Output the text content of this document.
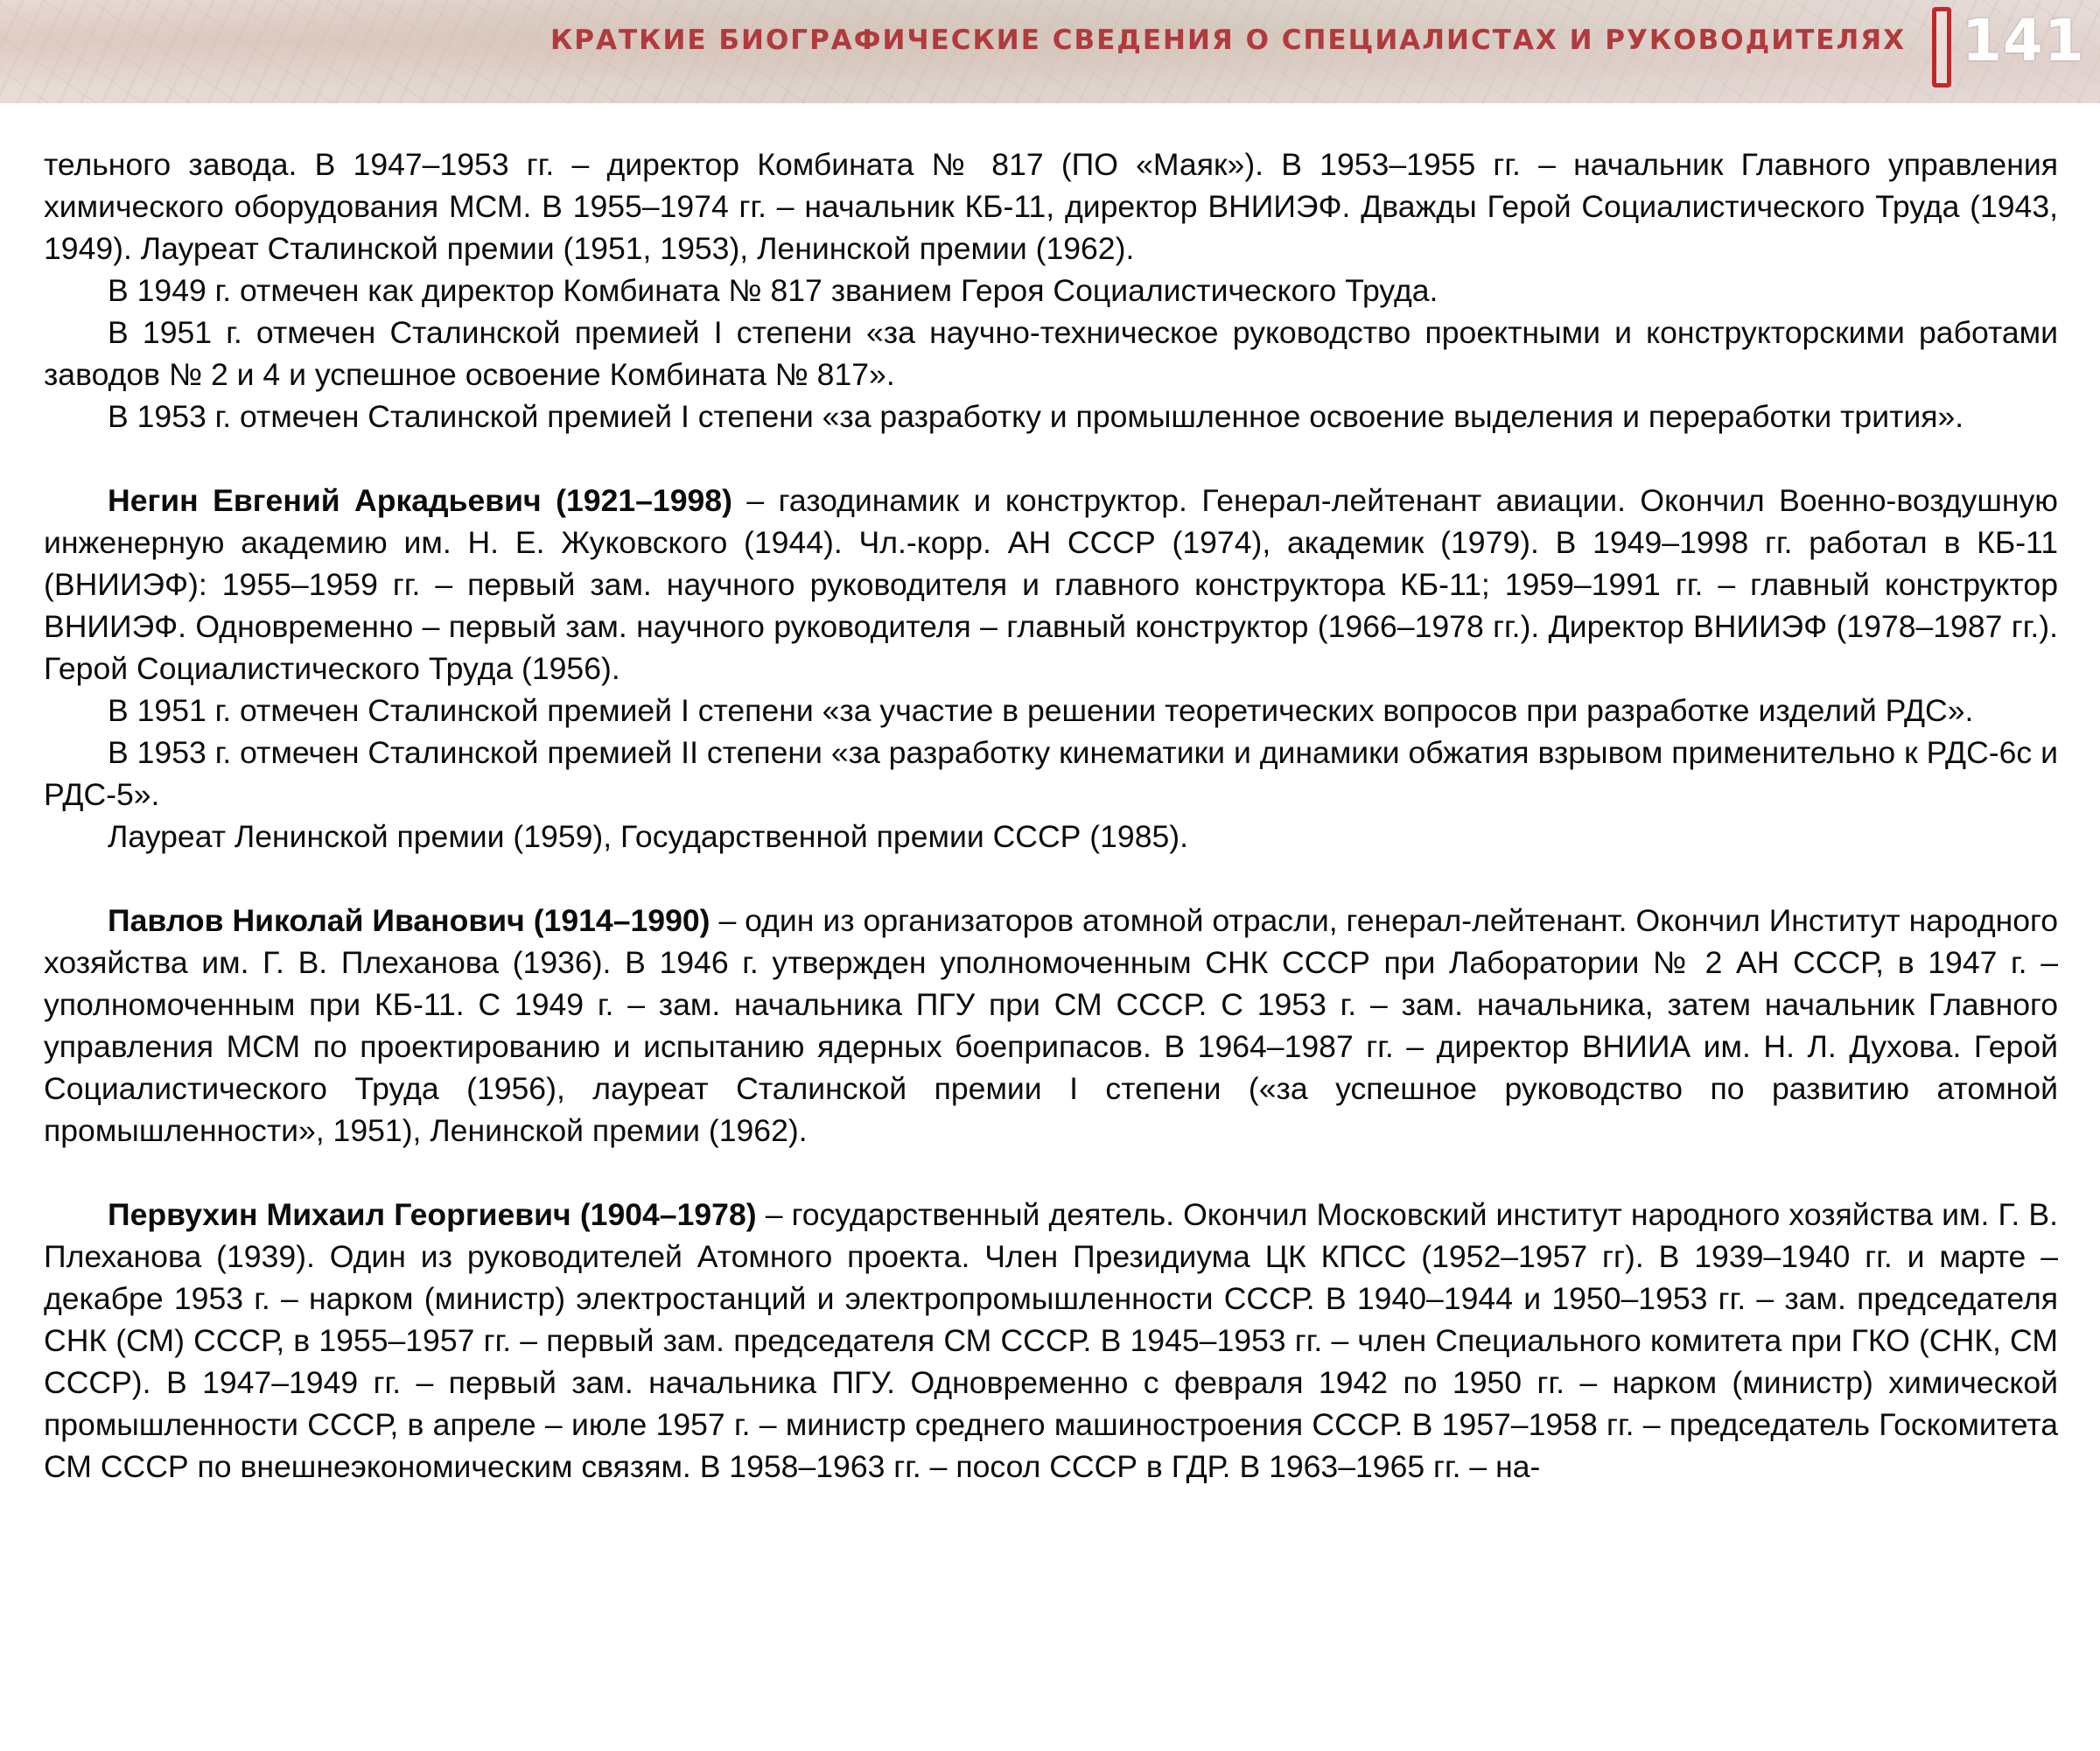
КРАТКИЕ БИОГРАФИЧЕСКИЕ СВЕДЕНИЯ О СПЕЦИАЛИСТАХ И РУКОВОДИТЕЛЯХ 141

тельного завода. В 1947–1953 гг. – директор Комбината № 817 (ПО «Маяк»). В 1953–1955 гг. – начальник Главного управления химического оборудования МСМ. В 1955–1974 гг. – начальник КБ-11, директор ВНИИЭФ. Дважды Герой Социалистического Труда (1943, 1949). Лауреат Сталинской премии (1951, 1953), Ленинской премии (1962).

В 1949 г. отмечен как директор Комбината № 817 званием Героя Социалистического Труда.

В 1951 г. отмечен Сталинской премией I степени «за научно-техническое руководство проектными и конструкторскими работами заводов № 2 и 4 и успешное освоение Комбината № 817».

В 1953 г. отмечен Сталинской премией I степени «за разработку и промышленное освоение выделения и переработки трития».

Негин Евгений Аркадьевич (1921–1998) – газодинамик и конструктор. Генерал-лейтенант авиации. Окончил Военно-воздушную инженерную академию им. Н. Е. Жуковского (1944). Чл.-корр. АН СССР (1974), академик (1979). В 1949–1998 гг. работал в КБ-11 (ВНИИЭФ): 1955–1959 гг. – первый зам. научного руководителя и главного конструктора КБ-11; 1959–1991 гг. – главный конструктор ВНИИЭФ. Одновременно – первый зам. научного руководителя – главный конструктор (1966–1978 гг.). Директор ВНИИЭФ (1978–1987 гг.). Герой Социалистического Труда (1956).

В 1951 г. отмечен Сталинской премией I степени «за участие в решении теоретических вопросов при разработке изделий РДС».

В 1953 г. отмечен Сталинской премией II степени «за разработку кинематики и динамики обжатия взрывом применительно к РДС-6с и РДС-5».

Лауреат Ленинской премии (1959), Государственной премии СССР (1985).

Павлов Николай Иванович (1914–1990) – один из организаторов атомной отрасли, генерал-лейтенант. Окончил Институт народного хозяйства им. Г. В. Плеханова (1936). В 1946 г. утвержден уполномоченным СНК СССР при Лаборатории № 2 АН СССР, в 1947 г. – уполномоченным при КБ-11. С 1949 г. – зам. начальника ПГУ при СМ СССР. С 1953 г. – зам. начальника, затем начальник Главного управления МСМ по проектированию и испытанию ядерных боеприпасов. В 1964–1987 гг. – директор ВНИИА им. Н. Л. Духова. Герой Социалистического Труда (1956), лауреат Сталинской премии I степени («за успешное руководство по развитию атомной промышленности», 1951), Ленинской премии (1962).

Первухин Михаил Георгиевич (1904–1978) – государственный деятель. Окончил Московский институт народного хозяйства им. Г. В. Плеханова (1939). Один из руководителей Атомного проекта. Член Президиума ЦК КПСС (1952–1957 гг). В 1939–1940 гг. и марте – декабре 1953 г. – нарком (министр) электростанций и электропромышленности СССР. В 1940–1944 и 1950–1953 гг. – зам. председателя СНК (СМ) СССР, в 1955–1957 гг. – первый зам. председателя СМ СССР. В 1945–1953 гг. – член Специального комитета при ГКО (СНК, СМ СССР). В 1947–1949 гг. – первый зам. начальника ПГУ. Одновременно с февраля 1942 по 1950 гг. – нарком (министр) химической промышленности СССР, в апреле – июле 1957 г. – министр среднего машиностроения СССР. В 1957–1958 гг. – председатель Госкомитета СМ СССР по внешнеэкономическим связям. В 1958–1963 гг. – посол СССР в ГДР. В 1963–1965 гг. – на-
